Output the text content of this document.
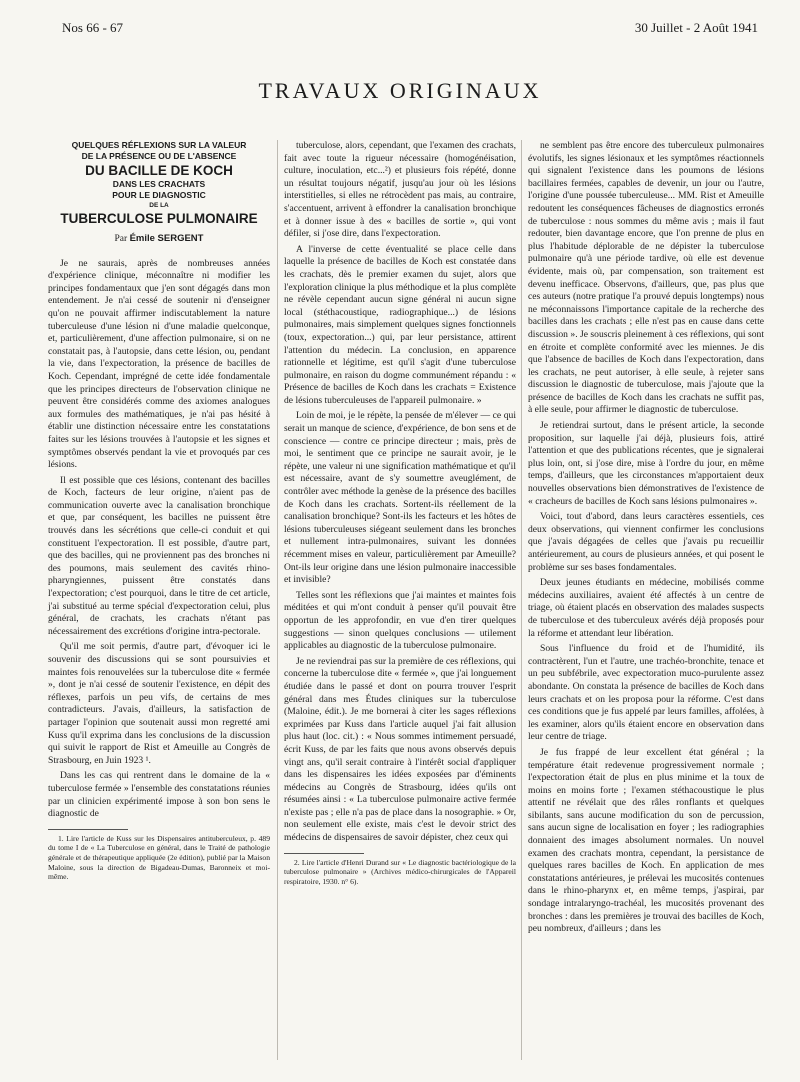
Nos 66 - 67	30 Juillet - 2 Août 1941
TRAVAUX ORIGINAUX
QUELQUES RÉFLEXIONS SUR LA VALEUR
DE LA PRÉSENCE OU DE L'ABSENCE
DU BACILLE DE KOCH
DANS LES CRACHATS
POUR LE DIAGNOSTIC
DE LA
TUBERCULOSE PULMONAIRE
Par Émile SERGENT

Je ne saurais, après de nombreuses années d'expérience clinique, méconnaître ni modifier les principes fondamentaux que j'en sont dégagés dans mon entendement. Je n'ai cessé de soutenir ni d'enseigner qu'on ne pouvait affirmer indiscutablement la nature tuberculeuse d'une lésion ni d'une maladie quelconque, et, particulièrement, d'une affection pulmonaire, si on ne constatait pas, à l'autopsie, dans cette lésion, ou, pendant la vie, dans l'expectoration, la présence de bacilles de Koch. Cependant, imprégné de cette idée fondamentale que les principes directeurs de l'observation clinique ne peuvent être considérés comme des axiomes analogues aux formules des mathématiques, je n'ai pas hésité à établir une distinction nécessaire entre les constatations faites sur les lésions trouvées à l'autopsie et les signes et symptômes observés pendant la vie et provoqués par ces lésions.

Il est possible que ces lésions, contenant des bacilles de Koch, facteurs de leur origine, n'aient pas de communication ouverte avec la canalisation bronchique et que, par conséquent, les bacilles ne puissent être trouvés dans les sécrétions que celle-ci conduit et qui constituent l'expectoration. Il est possible, d'autre part, que des bacilles, qui ne proviennent pas des bronches ni des poumons, mais seulement des cavités rhino-pharyngiennes, puissent être constatés dans l'expectoration; c'est pourquoi, dans le titre de cet article, j'ai substitué au terme spécial d'expectoration celui, plus général, de crachats, les crachats n'étant pas nécessairement des excrétions d'origine intra-pectorale.

Qu'il me soit permis, d'autre part, d'évoquer ici le souvenir des discussions qui se sont poursuivies et maintes fois renouvelées sur la tuberculose dite « fermée », dont je n'ai cessé de soutenir l'existence, en dépit des réflexes, parfois un peu vifs, de certains de mes contradicteurs. J'avais, d'ailleurs, la satisfaction de partager l'opinion que soutenait aussi mon regretté ami Kuss qu'il exprima dans les conclusions de la discussion qui suivit le rapport de Rist et Ameuille au Congrès de Strasbourg, en Juin 1923 ¹.

Dans les cas qui rentrent dans le domaine de la « tuberculose fermée » l'ensemble des constatations réunies par un clinicien expérimenté impose à son bon sens le diagnostic de

1. Lire l'article de Kuss sur les Dispensaires antituberculeux, p. 489 du tome I de « La Tuberculose en général, dans le Traité de pathologie générale et de thérapeutique appliquée (2e édition), publié par la Maison Maloine, sous la direction de Bigadeau-Dumas, Baronneix et moi-même.

tuberculose, alors, cependant, que l'examen des crachats, fait avec toute la rigueur nécessaire (homogénéisation, culture, inoculation, etc...²) et plusieurs fois répété, donne un résultat toujours négatif, jusqu'au jour où les lésions interstitielles, si elles ne rétrocèdent pas mais, au contraire, s'accentuent, arrivent à effondrer la canalisation bronchique et à donner issue à des « bacilles de sortie », qui vont défiler, si j'ose dire, dans l'expectoration.

A l'inverse de cette éventualité se place celle dans laquelle la présence de bacilles de Koch est constatée dans les crachats, dès le premier examen du sujet, alors que l'exploration clinique la plus méthodique et la plus complète ne révèle cependant aucun signe général ni aucun signe local (stéthacoustique, radiographique...) de lésions pulmonaires, mais simplement quelques signes fonctionnels (toux, expectoration...) qui, par leur persistance, attirent l'attention du médecin. La conclusion, en apparence rationnelle et légitime, est qu'il s'agit d'une tuberculose pulmonaire, en raison du dogme communément répandu : « Présence de bacilles de Koch dans les crachats = Existence de lésions tuberculeuses de l'appareil pulmonaire. »

Loin de moi, je le répète, la pensée de m'élever — ce qui serait un manque de science, d'expérience, de bon sens et de conscience — contre ce principe directeur ; mais, près de moi, le sentiment que ce principe ne saurait avoir, je le répète, une valeur ni une signification mathématique et qu'il est nécessaire, avant de s'y soumettre aveuglément, de contrôler avec méthode la genèse de la présence des bacilles de Koch dans les crachats. Sortent-ils réellement de la canalisation bronchique? Sont-ils les facteurs et les hôtes de lésions tuberculeuses siégeant seulement dans les bronches et nullement intra-pulmonaires, suivant les données récemment mises en valeur, particulièrement par Ameuille? Ont-ils leur origine dans une lésion pulmonaire inaccessible et invisible?

Telles sont les réflexions que j'ai maintes et maintes fois méditées et qui m'ont conduit à penser qu'il pouvait être opportun de les approfondir, en vue d'en tirer quelques suggestions — sinon quelques conclusions — utilement applicables au diagnostic de la tuberculose pulmonaire.

Je ne reviendrai pas sur la première de ces réflexions, qui concerne la tuberculose dite « fermée », que j'ai longuement étudiée dans le passé et dont on pourra trouver l'esprit général dans mes Études cliniques sur la tuberculose (Maloine, édit.). Je me bornerai à citer les sages réflexions exprimées par Kuss dans l'article auquel j'ai fait allusion plus haut (loc. cit.) : « Nous sommes intimement persuadé, écrit Kuss, de par les faits que nous avons observés depuis vingt ans, qu'il serait contraire à l'intérêt social d'appliquer dans les dispensaires les idées exposées par d'éminents médecins au Congrès de Strasbourg, idées qu'ils ont résumées ainsi : « La tuberculose pulmonaire active fermée n'existe pas ; elle n'a pas de place dans la nosographie. » Or, non seulement elle existe, mais c'est le devoir strict des médecins de dispensaires de savoir dépister, chez ceux qui

2. Lire l'article d'Henri Durand sur « Le diagnostic bactériologique de la tuberculose pulmonaire » (Archives médico-chirurgicales de l'Appareil respiratoire, 1930. n° 6).

ne semblent pas être encore des tuberculeux pulmonaires évolutifs, les signes lésionaux et les symptômes réactionnels qui signalent l'existence dans les poumons de lésions bacillaires fermées, capables de devenir, un jour ou l'autre, l'origine d'une poussée tuberculeuse... MM. Rist et Ameuille redoutent les conséquences fâcheuses de diagnostics erronés de tuberculose : nous sommes du même avis ; mais il faut redouter, bien davantage encore, que l'on prenne de plus en plus l'habitude déplorable de ne dépister la tuberculose pulmonaire qu'à une période tardive, où elle est devenue évidente, mais où, par compensation, son traitement est devenu inefficace. Observons, d'ailleurs, que, pas plus que ces auteurs (notre pratique l'a prouvé depuis longtemps) nous ne méconnaissons l'importance capitale de la recherche des bacilles dans les crachats ; elle n'est pas en cause dans cette discussion ». Je souscris pleinement à ces réflexions, qui sont en étroite et complète conformité avec les miennes. Je dis que l'absence de bacilles de Koch dans l'expectoration, dans les crachats, ne peut autoriser, à elle seule, à rejeter sans discussion le diagnostic de tuberculose, mais j'ajoute que la présence de bacilles de Koch dans les crachats ne suffit pas, à elle seule, pour affirmer le diagnostic de tuberculose.

Je retiendrai surtout, dans le présent article, la seconde proposition, sur laquelle j'ai déjà, plusieurs fois, attiré l'attention et que des publications récentes, que je signalerai plus loin, ont, si j'ose dire, mise à l'ordre du jour, en même temps, d'ailleurs, que les circonstances m'apportaient deux nouvelles observations bien démonstratives de l'existence de « cracheurs de bacilles de Koch sans lésions pulmonaires ».

Voici, tout d'abord, dans leurs caractères essentiels, ces deux observations, qui viennent confirmer les conclusions que j'avais dégagées de celles que j'avais pu recueillir antérieurement, au cours de plusieurs années, et qui posent le problème sur ses bases fondamentales.

Deux jeunes étudiants en médecine, mobilisés comme médecins auxiliaires, avaient été affectés à un centre de triage, où étaient placés en observation des malades suspects de tuberculose et des tuberculeux avérés déjà proposés pour la réforme et attendant leur libération.

Sous l'influence du froid et de l'humidité, ils contractèrent, l'un et l'autre, une trachéo-bronchite, tenace et un peu subfébrile, avec expectoration muco-purulente assez abondante. On constata la présence de bacilles de Koch dans leurs crachats et on les proposa pour la réforme. C'est dans ces conditions que je fus appelé par leurs familles, affolées, à les examiner, alors qu'ils étaient encore en observation dans leur centre de triage.

Je fus frappé de leur excellent état général ; la température était redevenue progressivement normale ; l'expectoration était de plus en plus minime et la toux de moins en moins forte ; l'examen stéthacoustique le plus attentif ne révélait que des râles ronflants et quelques sibilants, sans aucune modification du son de percussion, sans aucun signe de localisation en foyer ; les radiographies donnaient des images absolument normales. Un nouvel examen des crachats montra, cependant, la persistance de quelques rares bacilles de Koch. En application de mes constatations antérieures, je prélevai les mucosités contenues dans le rhino-pharynx et, en même temps, j'aspirai, par sondage intralaryngo-trachéal, les mucosités provenant des bronches : dans les premières je trouvai des bacilles de Koch, peu nombreux, d'ailleurs ; dans les
